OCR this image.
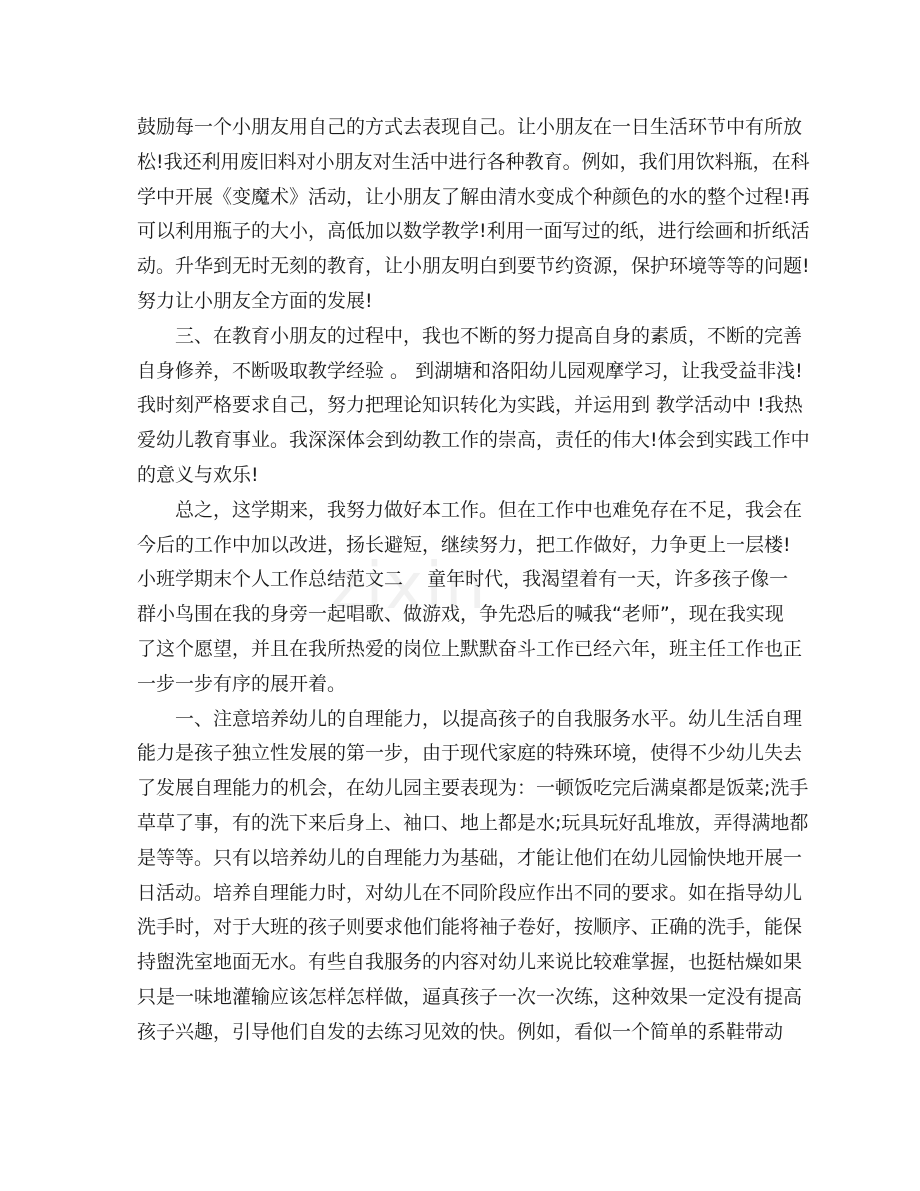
zixin
鼓励每一个小朋友用自己的方式去表现自己。让小朋友在一日生活环节中有所放
松!我还利用废旧料对小朋友对生活中进行各种教育。例如，我们用饮料瓶，在科
学中开展《变魔术》活动，让小朋友了解由清水变成个种颜色的水的整个过程!再
可以利用瓶子的大小，高低加以数学教学!利用一面写过的纸，进行绘画和折纸活
动。升华到无时无刻的教育，让小朋友明白到要节约资源，保护环境等等的问题!
努力让小朋友全方面的发展!
三、在教育小朋友的过程中，我也不断的努力提高自身的素质，不断的完善
自身修养，不断吸取教学经验 。 到湖塘和洛阳幼儿园观摩学习，让我受益非浅!
我时刻严格要求自己，努力把理论知识转化为实践，并运用到 教学活动中 !我热
爱幼儿教育事业。我深深体会到幼教工作的崇高，责任的伟大!体会到实践工作中
的意义与欢乐!
总之，这学期来，我努力做好本工作。但在工作中也难免存在不足，我会在
今后的工作中加以改进，扬长避短，继续努力，把工作做好，力争更上一层楼!
小班学期末个人工作总结范文二    童年时代，我渴望着有一天，许多孩子像一
群小鸟围在我的身旁一起唱歌、做游戏，争先恐后的喊我“老师”，现在我实现
了这个愿望，并且在我所热爱的岗位上默默奋斗工作已经六年，班主任工作也正
一步一步有序的展开着。
一、注意培养幼儿的自理能力，以提高孩子的自我服务水平。幼儿生活自理
能力是孩子独立性发展的第一步，由于现代家庭的特殊环境，使得不少幼儿失去
了发展自理能力的机会，在幼儿园主要表现为：一顿饭吃完后满桌都是饭菜;洗手
草草了事，有的洗下来后身上、袖口、地上都是水;玩具玩好乱堆放，弄得满地都
是等等。只有以培养幼儿的自理能力为基础，才能让他们在幼儿园愉快地开展一
日活动。培养自理能力时，对幼儿在不同阶段应作出不同的要求。如在指导幼儿
洗手时，对于大班的孩子则要求他们能将袖子卷好，按顺序、正确的洗手，能保
持盥洗室地面无水。有些自我服务的内容对幼儿来说比较难掌握，也挺枯燥如果
只是一味地灌输应该怎样怎样做，逼真孩子一次一次练，这种效果一定没有提高
孩子兴趣，引导他们自发的去练习见效的快。例如，看似一个简单的系鞋带动
